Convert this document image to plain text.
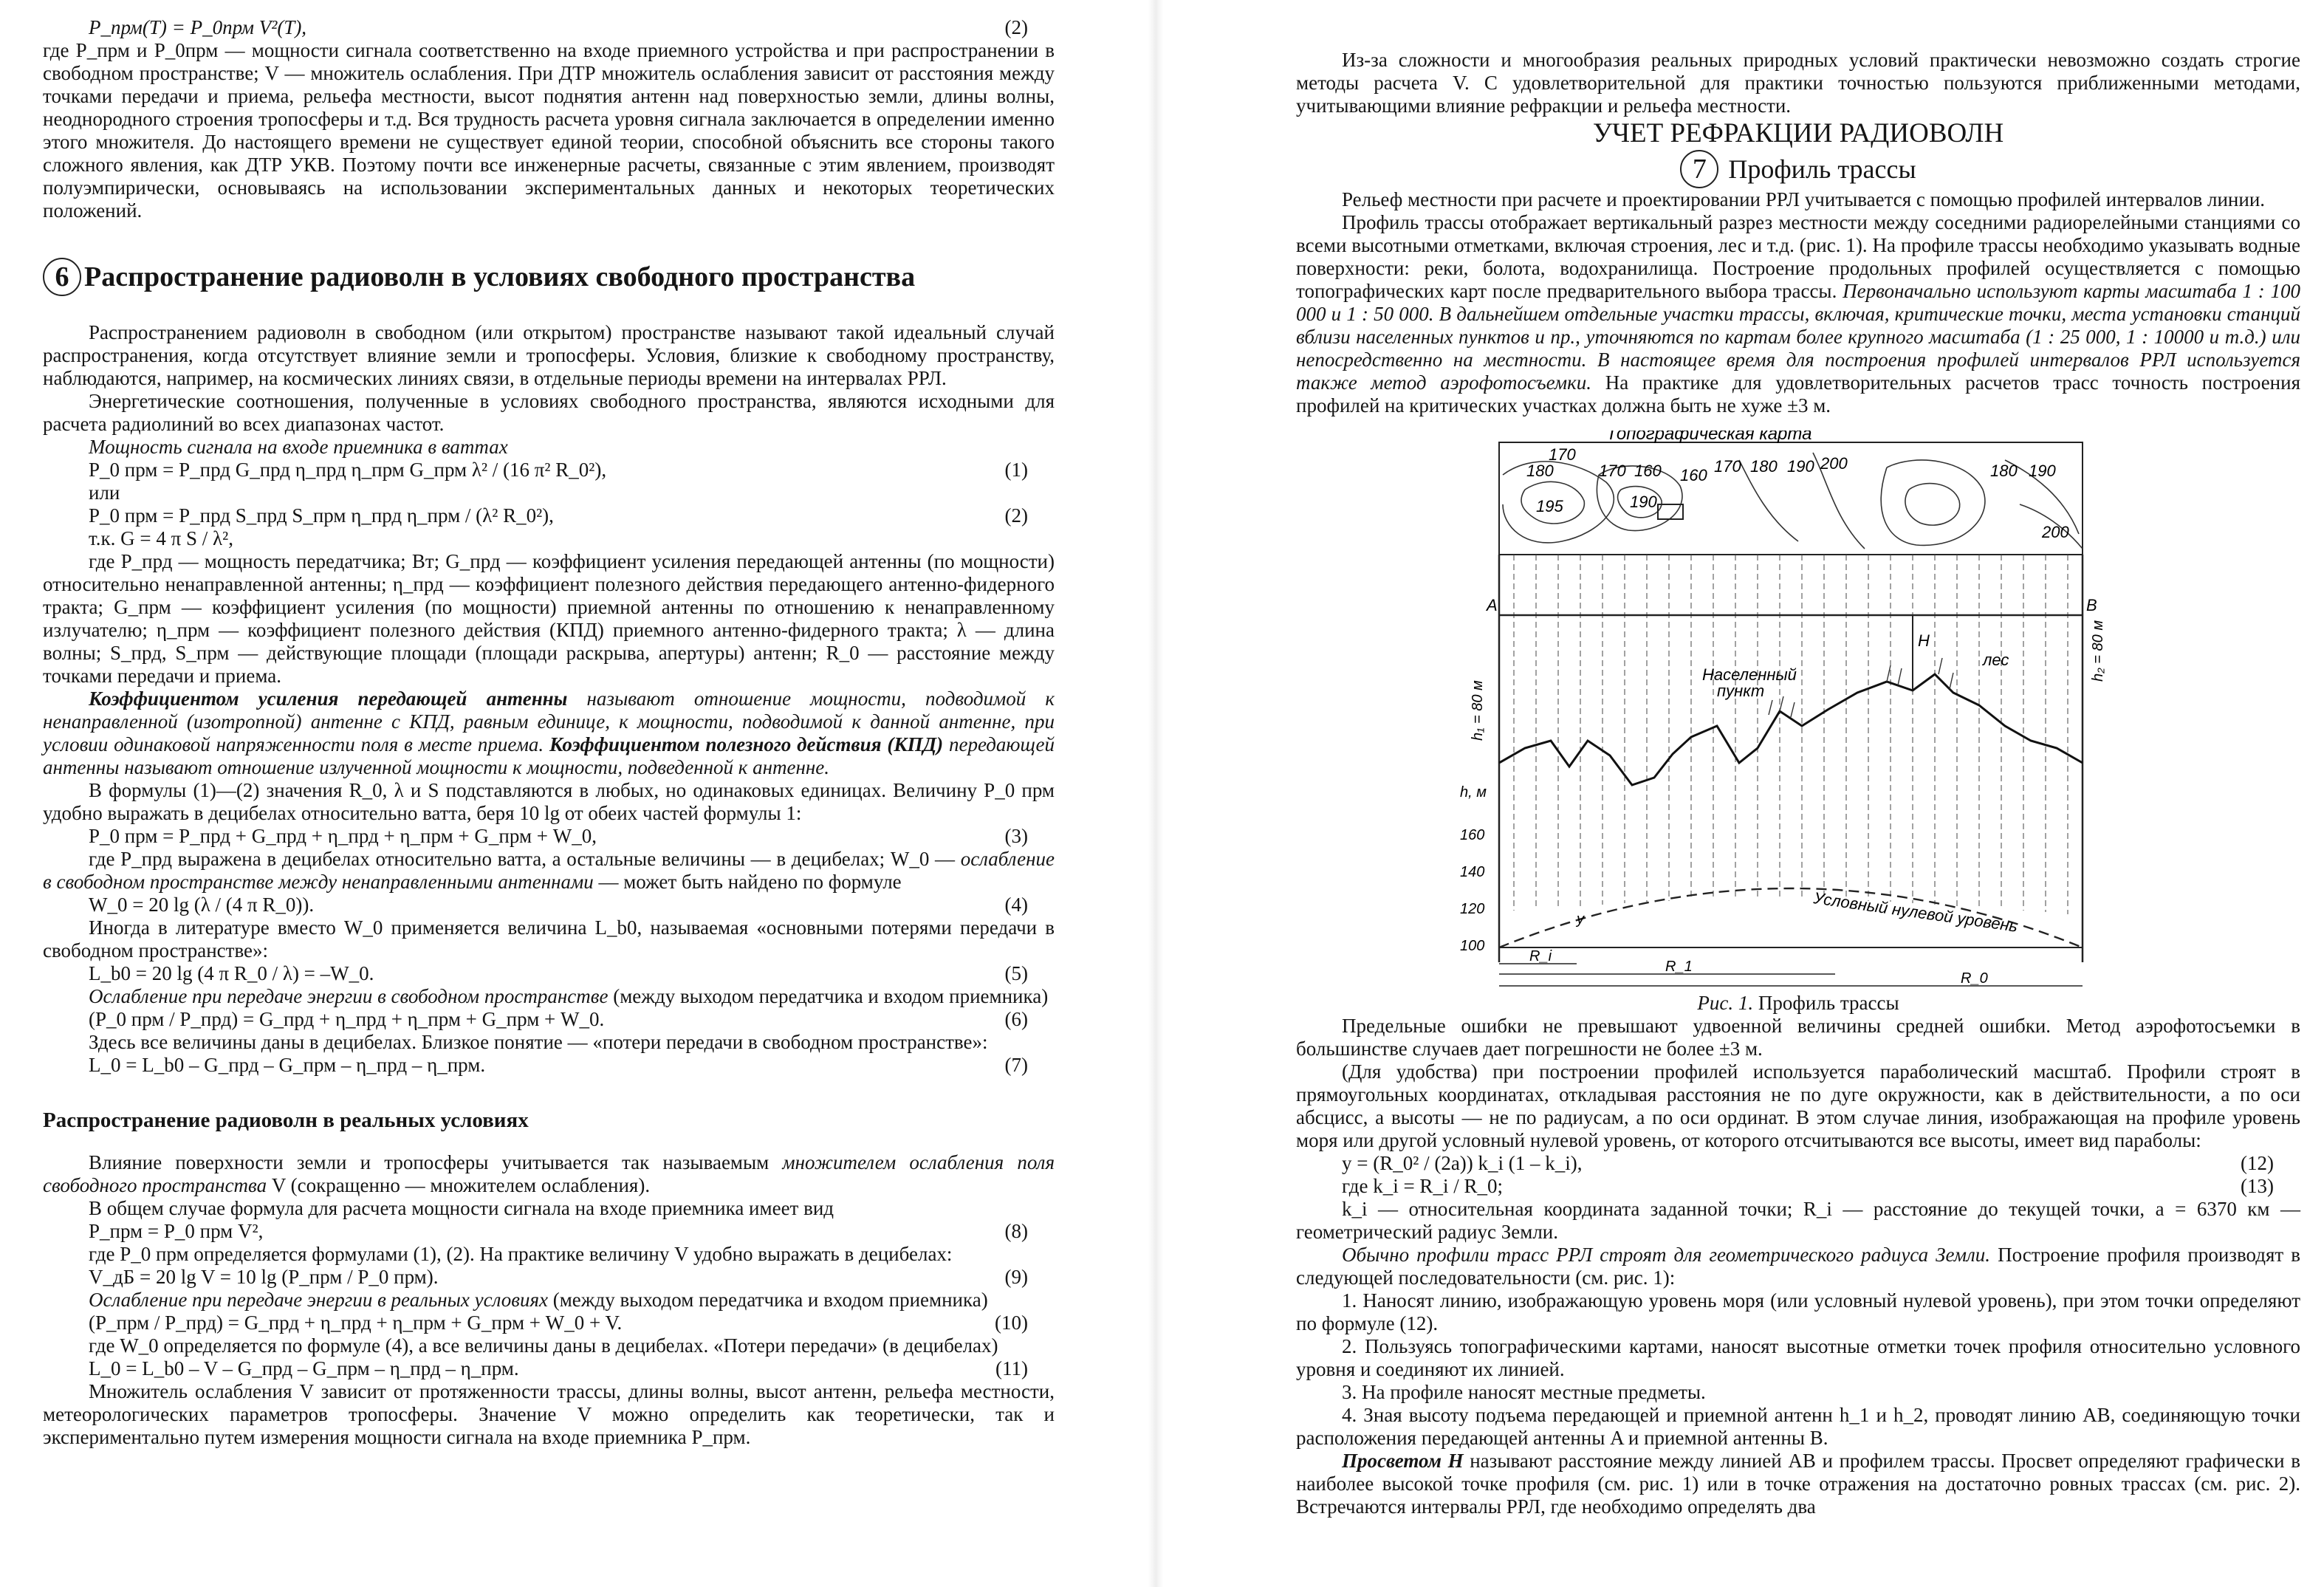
P_прм(T) = P_0прм V²(T),	(2)

где P_прм и P_0прм — мощности сигнала соответственно на входе приемного устройства и при распространении в свободном пространстве; V — множитель ослабления. При ДТР множитель ослабления зависит от расстояния между точками передачи и приема, рельефа местности, высот поднятия антенн над поверхностью земли, длины волны, неоднородного строения тропосферы и т.д. Вся трудность расчета уровня сигнала заключается в определении именно этого множителя. До настоящего времени не существует единой теории, способной объяснить все стороны такого сложного явления, как ДТР УКВ. Поэтому почти все инженерные расчеты, связанные с этим явлением, производят полуэмпирически, основываясь на использовании экспериментальных данных и некоторых теоретических положений.

6 Распространение радиоволн в условиях свободного пространства

Распространением радиоволн в свободном (или открытом) пространстве называют такой идеальный случай распространения, когда отсутствует влияние земли и тропосферы. Условия, близкие к свободному пространству, наблюдаются, например, на космических линиях связи, в отдельные периоды времени на интервалах РРЛ.

Энергетические соотношения, полученные в условиях свободного пространства, являются исходными для расчета радиолиний во всех диапазонах частот.

Мощность сигнала на входе приемника в ваттах

P_0 прм = P_прд G_прд η_прд η_прм G_прм λ² / (16 π² R_0²),	(1)

или

P_0 прм = P_прд S_прд S_прм η_прд η_прм / (λ² R_0²),	(2)

т.к. G = 4 π S / λ²,

где P_прд — мощность передатчика; Вт; G_прд — коэффициент усиления передающей антенны (по мощности) относительно ненаправленной антенны; η_прд — коэффициент полезного действия передающего антенно-фидерного тракта; G_прм — коэффициент усиления (по мощности) приемной антенны по отношению к ненаправленному излучателю; η_прм — коэффициент полезного действия (КПД) приемного антенно-фидерного тракта; λ — длина волны; S_прд, S_прм — действующие площади (площади раскрыва, апертуры) антенн; R_0 — расстояние между точками передачи и приема.

Коэффициентом усиления передающей антенны называют отношение мощности, подводимой к ненаправленной (изотропной) антенне с КПД, равным единице, к мощности, подводимой к данной антенне, при условии одинаковой напряженности поля в месте приема. Коэффициентом полезного действия (КПД) передающей антенны называют отношение излученной мощности к мощности, подведенной к антенне.

В формулы (1)—(2) значения R_0, λ и S подставляются в любых, но одинаковых единицах. Величину P_0 прм удобно выражать в децибелах относительно ватта, беря 10 lg от обеих частей формулы 1:

P_0 прм = P_прд + G_прд + η_прд + η_прм + G_прм + W_0,	(3)

где P_прд выражена в децибелах относительно ватта, а остальные величины — в децибелах; W_0 — ослабление в свободном пространстве между ненаправленными антеннами — может быть найдено по формуле

W_0 = 20 lg (λ / (4 π R_0)).	(4)

Иногда в литературе вместо W_0 применяется величина L_b0, называемая «основными потерями передачи в свободном пространстве»:

L_b0 = 20 lg (4 π R_0 / λ) = –W_0.	(5)

Ослабление при передаче энергии в свободном пространстве (между выходом передатчика и входом приемника)

(P_0 прм / P_прд) = G_прд + η_прд + η_прм + G_прм + W_0.	(6)

Здесь все величины даны в децибелах. Близкое понятие — «потери передачи в свободном пространстве»:

L_0 = L_b0 – G_прд – G_прм – η_прд – η_прм.	(7)

Распространение радиоволн в реальных условиях

Влияние поверхности земли и тропосферы учитывается так называемым множителем ослабления поля свободного пространства V (сокращенно — множителем ослабления).

В общем случае формула для расчета мощности сигнала на входе приемника имеет вид

P_прм = P_0 прм V²,	(8)

где P_0 прм определяется формулами (1), (2). На практике величину V удобно выражать в децибелах:

V_дБ = 20 lg V = 10 lg (P_прм / P_0 прм).	(9)

Ослабление при передаче энергии в реальных условиях (между выходом передатчика и входом приемника)

(P_прм / P_прд) = G_прд + η_прд + η_прм + G_прм + W_0 + V.	(10)

где W_0 определяется по формуле (4), а все величины даны в децибелах. «Потери передачи» (в децибелах)

L_0 = L_b0 – V – G_прд – G_прм – η_прд – η_прм.	(11)

Множитель ослабления V зависит от протяженности трассы, длины волны, высот антенн, рельефа местности, метеорологических параметров тропосферы. Значение V можно определить как теоретически, так и экспериментально путем измерения мощности сигнала на входе приемника P_прм.

Из-за сложности и многообразия реальных природных условий практически невозможно создать строгие методы расчета V. С удовлетворительной для практики точностью пользуются приближенными методами, учитывающими влияние рефракции и рельефа местности.

УЧЕТ РЕФРАКЦИИ РАДИОВОЛН

7 Профиль трассы

Рельеф местности при расчете и проектировании РРЛ учитывается с помощью профилей интервалов линии.

Профиль трассы отображает вертикальный разрез местности между соседними радиорелейными станциями со всеми высотными отметками, включая строения, лес и т.д. (рис. 1). На профиле трассы необходимо указывать водные поверхности: реки, болота, водохранилища. Построение продольных профилей осуществляется с помощью топографических карт после предварительного выбора трассы. Первоначально используют карты масштаба 1 : 100 000 и 1 : 50 000. В дальнейшем отдельные участки трассы, включая, критические точки, места установки станций вблизи населенных пунктов и пр., уточняются по картам более крупного масштаба (1 : 25 000, 1 : 10000 и т.д.) или непосредственно на местности. В настоящее время для построения профилей интервалов РРЛ используется также метод аэрофотосъемки. На практике для удовлетворительных расчетов трасс точность построения профилей на критических участках должна быть не хуже ±3 м.

Топографическая карта
180
170
170 160 160 170 180 190 200	180 190
195	190
200
A	B
H
h₁ = 80 м
h₂ = 80 м
Населенный
пункт
лес
h, м
160
140
120
100
Условный нулевой уровень
y
R_i
R_1
R_0

Рис. 1. Профиль трассы

Предельные ошибки не превышают удвоенной величины средней ошибки. Метод аэрофотосъемки в большинстве случаев дает погрешности не более ±3 м.

(Для удобства) при построении профилей используется параболический масштаб. Профили строят в прямоугольных координатах, откладывая расстояния не по дуге окружности, как в действительности, а по оси абсцисс, а высоты — не по радиусам, а по оси ординат. В этом случае линия, изображающая на профиле уровень моря или другой условный нулевой уровень, от которого отсчитываются все высоты, имеет вид параболы:

y = (R_0² / (2a)) k_i (1 – k_i),	(12)

где k_i = R_i / R_0;	(13)

k_i — относительная координата заданной точки; R_i — расстояние до текущей точки, a = 6370 км — геометрический радиус Земли.

Обычно профили трасс РРЛ строят для геометрического радиуса Земли. Построение профиля производят в следующей последовательности (см. рис. 1):

1. Наносят линию, изображающую уровень моря (или условный нулевой уровень), при этом точки определяют по формуле (12).

2. Пользуясь топографическими картами, наносят высотные отметки точек профиля относительно условного уровня и соединяют их линией.

3. На профиле наносят местные предметы.

4. Зная высоту подъема передающей и приемной антенн h_1 и h_2, проводят линию AB, соединяющую точки расположения передающей антенны A и приемной антенны B.

Просветом H называют расстояние между линией AB и профилем трассы. Просвет определяют графически в наиболее высокой точке профиля (см. рис. 1) или в точке отражения на достаточно ровных трассах (см. рис. 2). Встречаются интервалы РРЛ, где необходимо определять два
